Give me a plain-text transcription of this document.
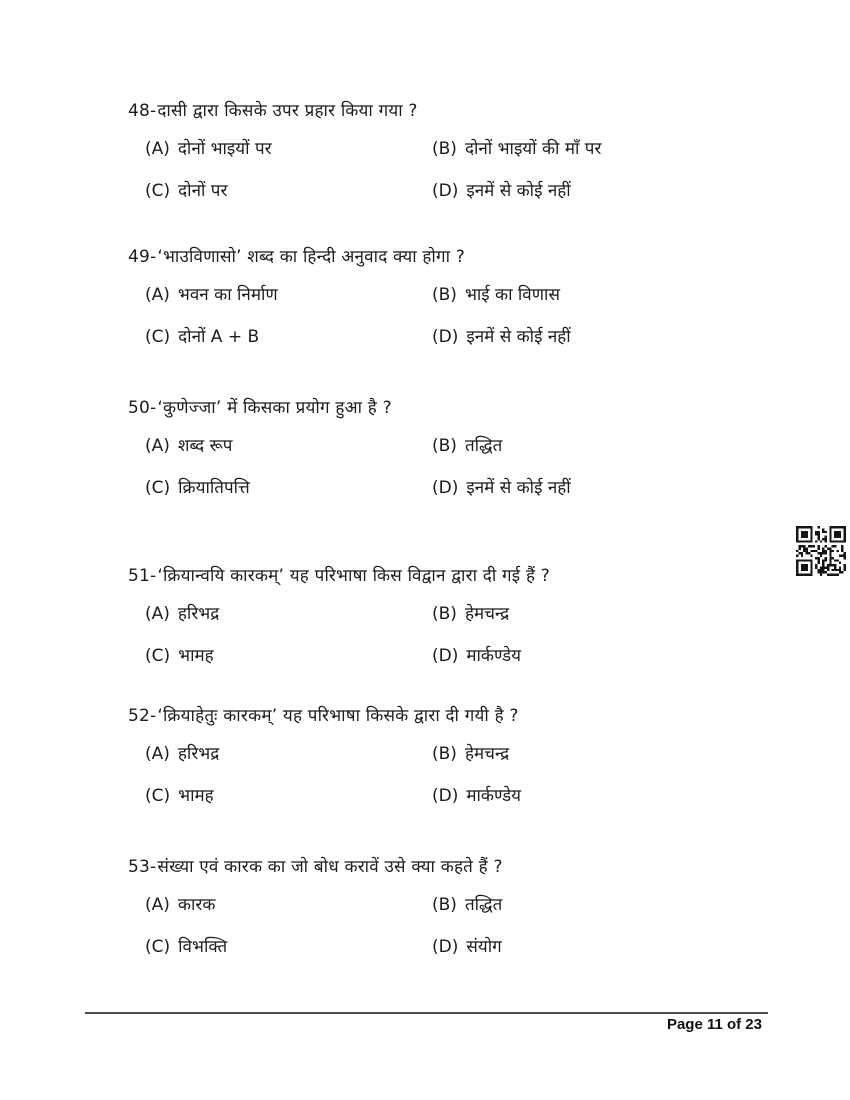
48-दासी द्वारा किसके उपर प्रहार किया गया ?
(A) दोनों भाइयों पर	(B) दोनों भाइयों की माँ पर
(C) दोनों पर	(D) इनमें से कोई नहीं
49-‘भाउविणासो’ शब्द का हिन्दी अनुवाद क्या होगा ?
(A) भवन का निर्माण	(B) भाई का विणास
(C) दोनों A + B	(D) इनमें से कोई नहीं
50-‘कुणेज्जा’ में किसका प्रयोग हुआ है ?
(A) शब्द रूप	(B) तद्धित
(C) क्रियातिपत्ति	(D) इनमें से कोई नहीं
51-‘क्रियान्वयि कारकम्’ यह परिभाषा किस विद्वान द्वारा दी गई हैं ?
(A) हरिभद्र	(B) हेमचन्द्र
(C) भामह	(D) मार्कण्डेय
52-‘क्रियाहेतुः कारकम्’ यह परिभाषा किसके द्वारा दी गयी है ?
(A) हरिभद्र	(B) हेमचन्द्र
(C) भामह	(D) मार्कण्डेय
53-संख्या एवं कारक का जो बोध करावें उसे क्या कहते हैं ?
(A) कारक	(B) तद्धित
(C) विभक्ति	(D) संयोग
Page 11 of 23
